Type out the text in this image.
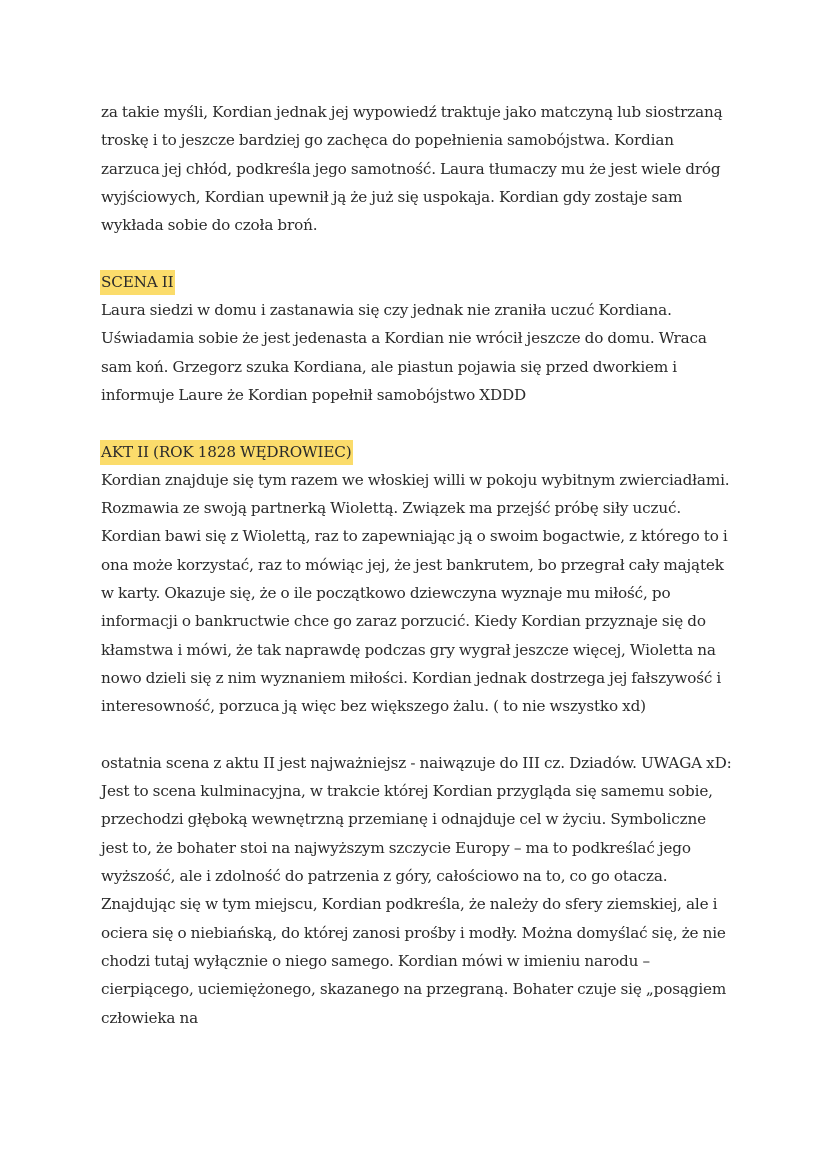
za takie myśli, Kordian jednak jej wypowiedź traktuje jako matczyną lub siostrzaną troskę i to jeszcze bardziej go zachęca do popełnienia samobójstwa. Kordian zarzuca jej chłód, podkreśla jego samotność. Laura tłumaczy mu że jest wiele dróg wyjściowych, Kordian upewnił ją że już się uspokaja. Kordian gdy zostaje sam wykłada sobie do czoła broń.

SCENA II

Laura siedzi w domu i zastanawia się czy jednak nie zraniła uczuć Kordiana. Uświadamia sobie że jest jedenasta a Kordian nie wrócił jeszcze do domu. Wraca sam koń. Grzegorz szuka Kordiana, ale piastun pojawia się przed dworkiem i informuje Laure że Kordian popełnił samobójstwo XDDD

AKT II (ROK 1828 WĘDROWIEC)

Kordian znajduje się tym razem we włoskiej willi w pokoju wybitnym zwierciadłami. Rozmawia ze swoją partnerką Wiolettą. Związek ma przejść próbę siły uczuć. Kordian bawi się z Wiolettą, raz to zapewniając ją o swoim bogactwie, z którego to i ona może korzystać, raz to mówiąc jej, że jest bankrutem, bo przegrał cały majątek w karty. Okazuje się, że o ile początkowo dziewczyna wyznaje mu miłość, po informacji o bankructwie chce go zaraz porzucić. Kiedy Kordian przyznaje się do kłamstwa i mówi, że tak naprawdę podczas gry wygrał jeszcze więcej, Wioletta na nowo dzieli się z nim wyznaniem miłości. Kordian jednak dostrzega jej fałszywość i interesowność, porzuca ją więc bez większego żalu. ( to nie wszystko xd)

ostatnia scena z aktu II jest najważniejsz - naiwązuje do III cz. Dziadów. UWAGA xD:

Jest to scena kulminacyjna, w trakcie której Kordian przygląda się samemu sobie, przechodzi głęboką wewnętrzną przemianę i odnajduje cel w życiu. Symboliczne jest to, że bohater stoi na najwyższym szczycie Europy – ma to podkreślać jego wyższość, ale i zdolność do patrzenia z góry, całościowo na to, co go otacza. Znajdując się w tym miejscu, Kordian podkreśla, że należy do sfery ziemskiej, ale i ociera się o niebiańską, do której zanosi prośby i modły. Można domyślać się, że nie chodzi tutaj wyłącznie o niego samego. Kordian mówi w imieniu narodu – cierpiącego, uciemiężonego, skazanego na przegraną. Bohater czuje się „posągiem człowieka na
